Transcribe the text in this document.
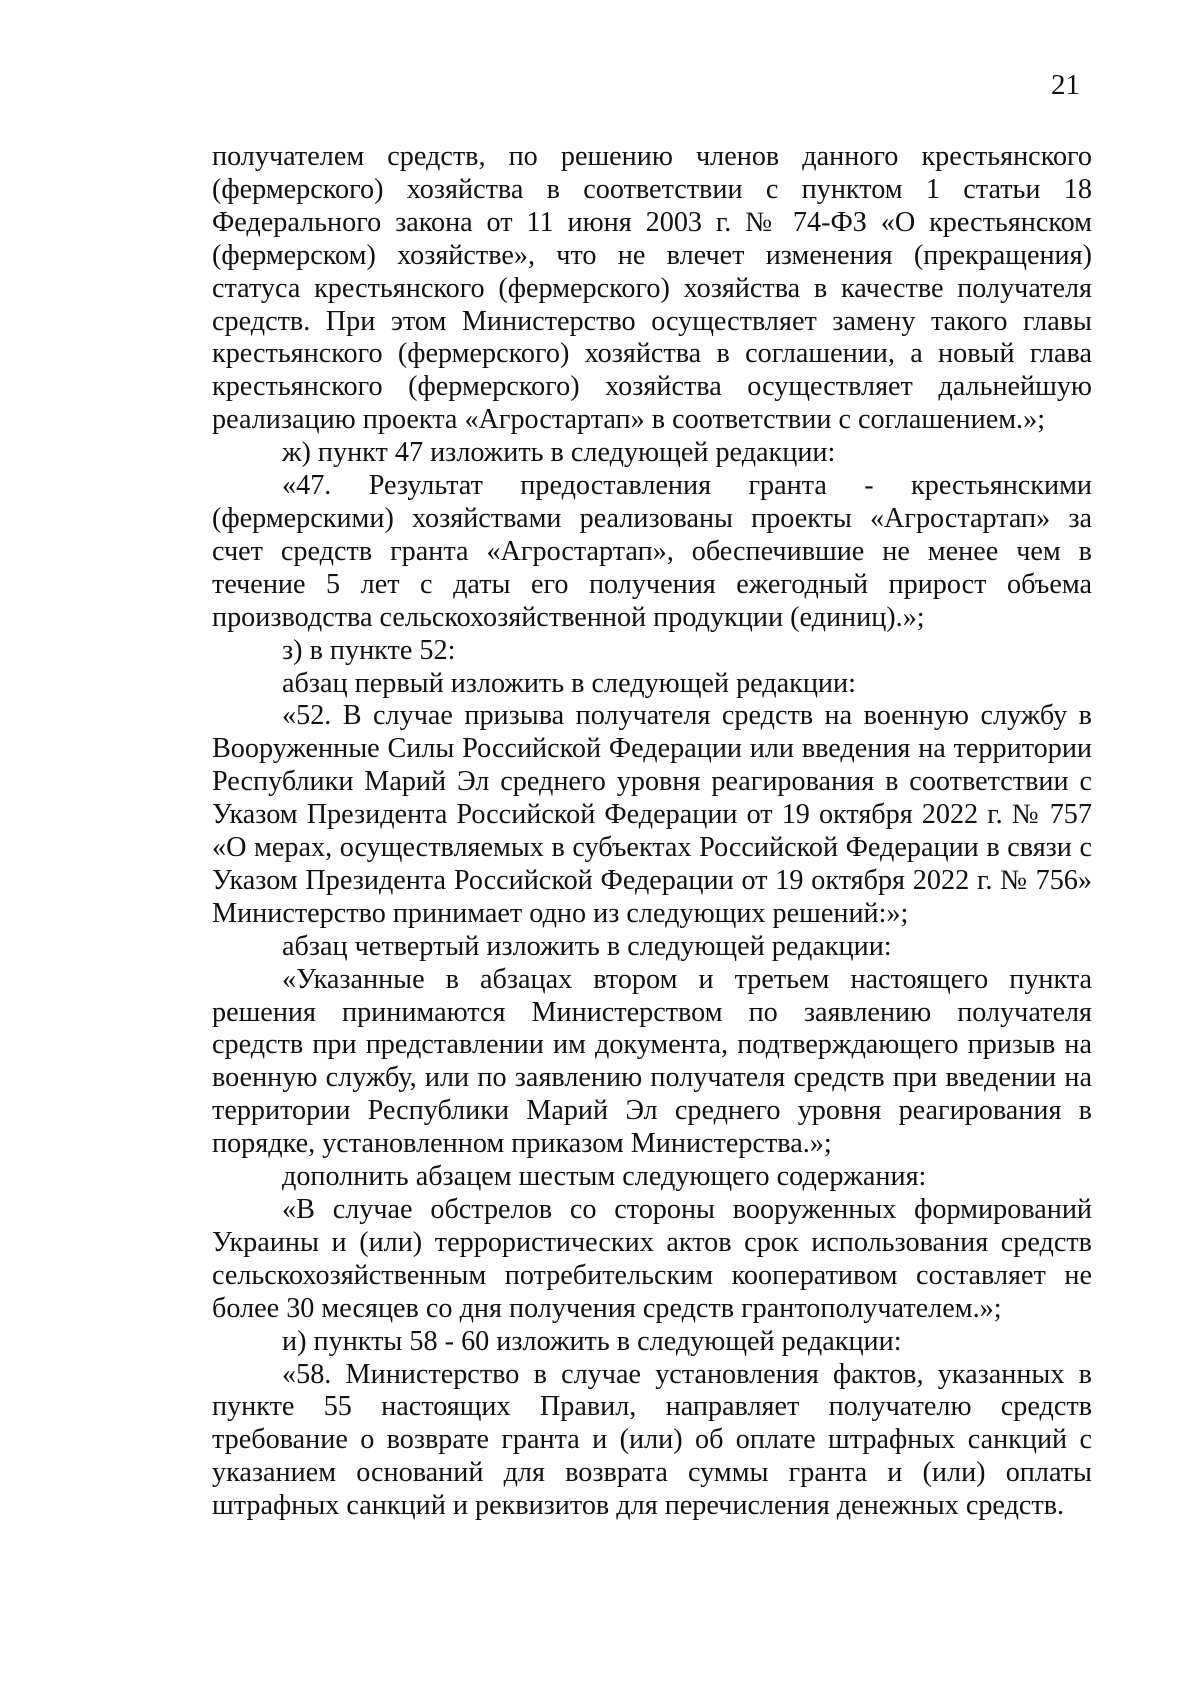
21

получателем средств, по решению членов данного крестьянского (фермерского) хозяйства в соответствии с пунктом 1 статьи 18 Федерального закона от 11 июня 2003 г. № 74-ФЗ «О крестьянском (фермерском) хозяйстве», что не влечет изменения (прекращения) статуса крестьянского (фермерского) хозяйства в качестве получателя средств. При этом Министерство осуществляет замену такого главы крестьянского (фермерского) хозяйства в соглашении, а новый глава крестьянского (фермерского) хозяйства осуществляет дальнейшую реализацию проекта «Агростартап» в соответствии с соглашением.»;

ж) пункт 47 изложить в следующей редакции:

«47. Результат предоставления гранта - крестьянскими (фермерскими) хозяйствами реализованы проекты «Агростартап» за счет средств гранта «Агростартап», обеспечившие не менее чем в течение 5 лет с даты его получения ежегодный прирост объема производства сельскохозяйственной продукции (единиц).»;

з) в пункте 52:

абзац первый изложить в следующей редакции:

«52. В случае призыва получателя средств на военную службу в Вооруженные Силы Российской Федерации или введения на территории Республики Марий Эл среднего уровня реагирования в соответствии с Указом Президента Российской Федерации от 19 октября 2022 г. № 757 «О мерах, осуществляемых в субъектах Российской Федерации в связи с Указом Президента Российской Федерации от 19 октября 2022 г. № 756» Министерство принимает одно из следующих решений:»;

абзац четвертый изложить в следующей редакции:

«Указанные в абзацах втором и третьем настоящего пункта решения принимаются Министерством по заявлению получателя средств при представлении им документа, подтверждающего призыв на военную службу, или по заявлению получателя средств при введении на территории Республики Марий Эл среднего уровня реагирования в порядке, установленном приказом Министерства.»;

дополнить абзацем шестым следующего содержания:

«В случае обстрелов со стороны вооруженных формирований Украины и (или) террористических актов срок использования средств сельскохозяйственным потребительским кооперативом составляет не более 30 месяцев со дня получения средств грантополучателем.»;

и) пункты 58 - 60 изложить в следующей редакции:

«58. Министерство в случае установления фактов, указанных в пункте 55 настоящих Правил, направляет получателю средств требование о возврате гранта и (или) об оплате штрафных санкций с указанием оснований для возврата суммы гранта и (или) оплаты штрафных санкций и реквизитов для перечисления денежных средств.
